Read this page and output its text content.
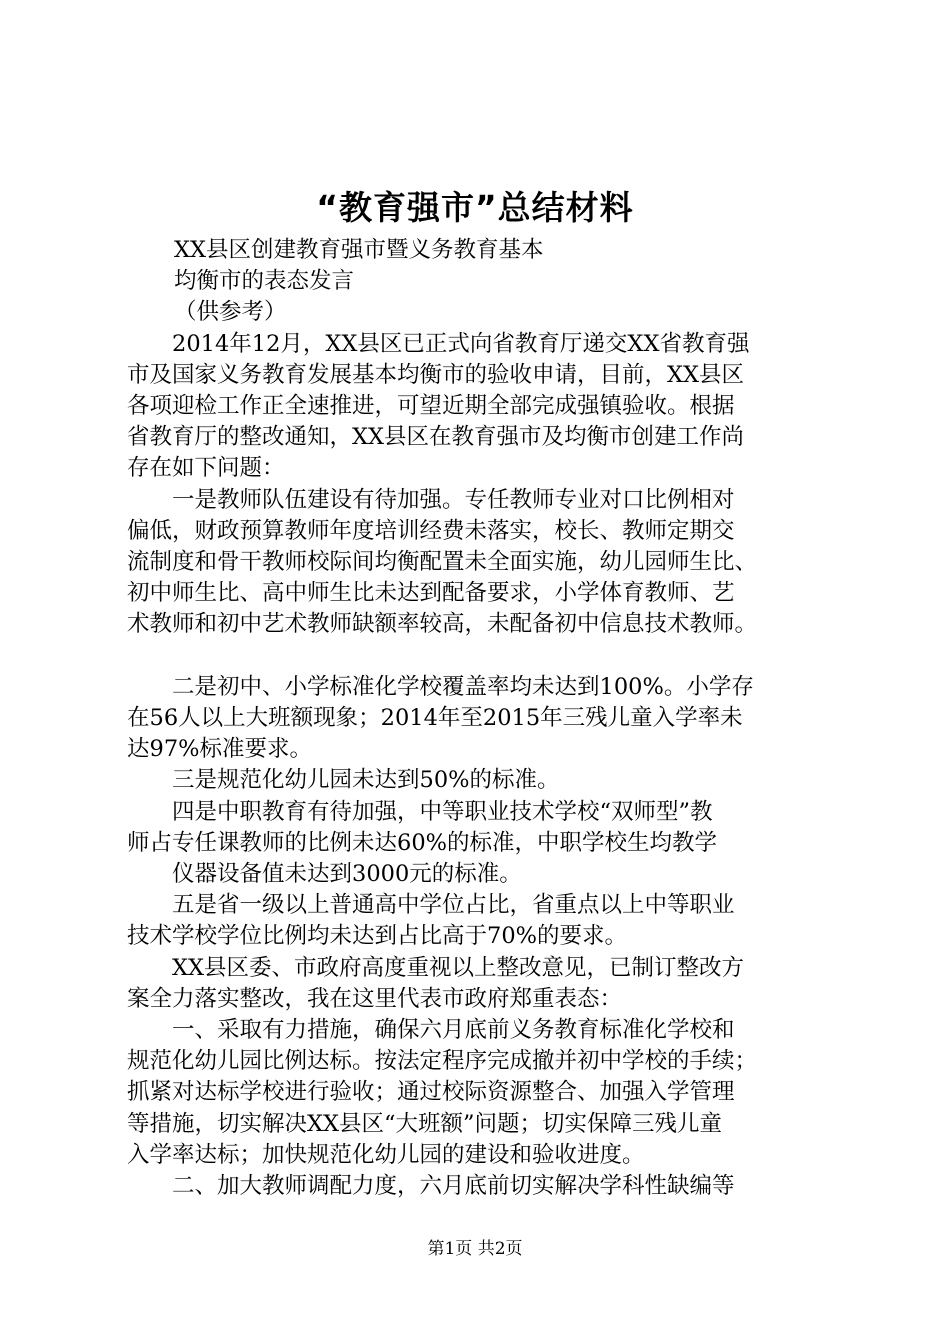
“教育强市”总结材料
XX县区创建教育强市暨义务教育基本
均衡市的表态发言
（供参考）
2014年12月，XX县区已正式向省教育厅递交XX省教育强
市及国家义务教育发展基本均衡市的验收申请，目前，XX县区
各项迎检工作正全速推进，可望近期全部完成强镇验收。根据
省教育厅的整改通知，XX县区在教育强市及均衡市创建工作尚
存在如下问题：
一是教师队伍建设有待加强。专任教师专业对口比例相对
偏低，财政预算教师年度培训经费未落实，校长、教师定期交
流制度和骨干教师校际间均衡配置未全面实施，幼儿园师生比、
初中师生比、高中师生比未达到配备要求，小学体育教师、艺
术教师和初中艺术教师缺额率较高，未配备初中信息技术教师。
二是初中、小学标准化学校覆盖率均未达到100%。小学存
在56人以上大班额现象；2014年至2015年三残儿童入学率未
达97%标准要求。
三是规范化幼儿园未达到50%的标准。
四是中职教育有待加强，中等职业技术学校“双师型”教
师占专任课教师的比例未达60%的标准，中职学校生均教学
仪器设备值未达到3000元的标准。
五是省一级以上普通高中学位占比，省重点以上中等职业
技术学校学位比例均未达到占比高于70%的要求。
XX县区委、市政府高度重视以上整改意见，已制订整改方
案全力落实整改，我在这里代表市政府郑重表态：
一、采取有力措施，确保六月底前义务教育标准化学校和
规范化幼儿园比例达标。按法定程序完成撤并初中学校的手续；
抓紧对达标学校进行验收；通过校际资源整合、加强入学管理
等措施，切实解决XX县区“大班额”问题；切实保障三残儿童
入学率达标；加快规范化幼儿园的建设和验收进度。
二、加大教师调配力度，六月底前切实解决学科性缺编等
第1页 共2页
